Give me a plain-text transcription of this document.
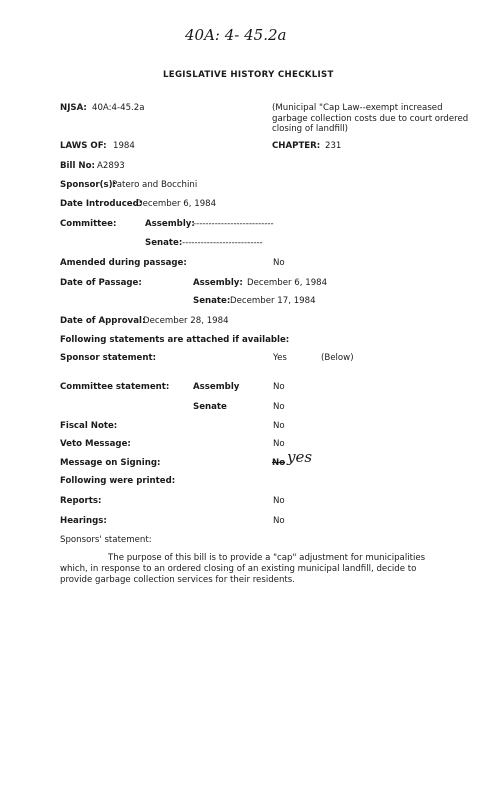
40A: 4- 45.2a
LEGISLATIVE HISTORY CHECKLIST
NJSA: 40A:4-45.2a	(Municipal "Cap Law--exempt increased garbage collection costs due to court ordered closing of landfill)
LAWS OF: 1984	CHAPTER: 231
Bill No: A2893
Sponsor(s):
Patero and Bocchini
Date Introduced:
December 6, 1984
Committee:	Assembly:
--------------------------
Senate: --------------------------
Amended during passage:	No
Date of Passage:	Assembly: December 6, 1984
Senate: December 17, 1984
Date of Approval:
December 28, 1984
Following statements are attached if available:
Sponsor statement:	Yes	(Below)
Committee statement:	Assembly	No
Senate	No
Fiscal Note:	No
Veto Message:	No
Message on Signing:	No yes
Following were printed:
Reports:	No
Hearings:	No
Sponsors' statement:
The purpose of this bill is to provide a "cap" adjustment for municipalities which, in response to an ordered closing of an existing municipal landfill, decide to provide garbage collection services for their residents.
